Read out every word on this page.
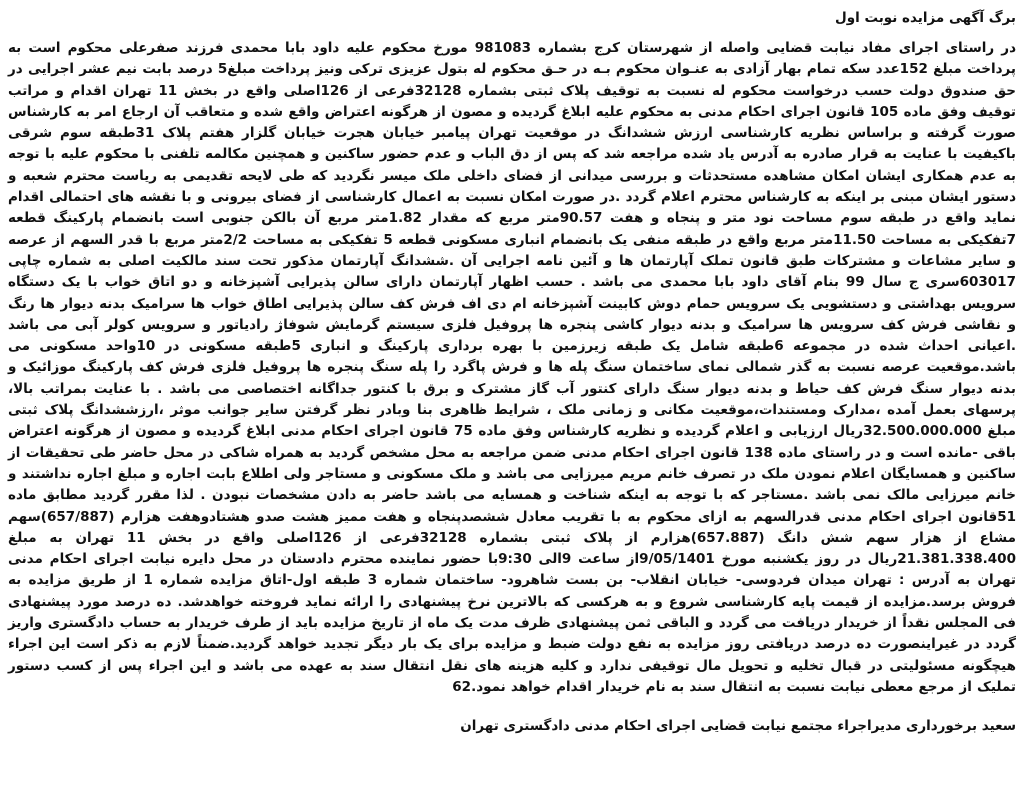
برگ آگهی مزایده نوبت اول

در راستای اجرای مفاد نیابت قضایی واصله از شهرستان کرج بشماره 981083 مورخ محکوم علیه داود بابا محمدی فرزند صفرعلی محکوم است به پرداخت مبلغ 152عدد سکه تمام بهار آزادی به عنـوان محکوم بـه در حـق محکوم له بتول عزیزی ترکی ونیز پرداخت مبلغ5 درصد بابت نیم عشر اجرایی در حق صندوق دولت حسب درخواست محکوم له نسبت به توقیف پلاک ثبتی بشماره 32128فرعی از 126اصلی واقع در بخش 11 تهران اقدام و مراتب توقیف وفق ماده 105 قانون اجرای احکام مدنی به محکوم علیه ابلاغ گردیده و مصون از هرگونه اعتراض واقع شده و متعاقب آن ارجاع امر به کارشناس صورت گرفته و براساس نظریه کارشناسی ارزش ششدانگ در موقعیت تهران پیامبر خیابان هجرت خیابان گلزار هفتم پلاک 31طبقه سوم شرقی باکیفیت با عنایت به قرار صادره به آدرس یاد شده مراجعه شد که پس از دق الباب و عدم حضور ساکنین و همچنین مکالمه تلفنی با محکوم علیه با توجه به عدم همکاری ایشان امکان مشاهده مستحدثات و بررسی میدانی از فضای داخلی ملک میسر نگردید که طی لایحه تقدیمی به ریاست محترم شعبه و دستور ایشان مبنی بر اینکه به کارشناس محترم اعلام گردد .در صورت امکان نسبت به اعمال کارشناسی از فضای بیرونی و با نقشه های احتمالی اقدام نماید واقع در طبقه سوم مساحت نود متر و پنجاه و هفت 90.57متر مربع که مقدار 1.82متر مربع آن بالکن جنوبی است بانضمام پارکینگ قطعه 7تفکیکی به مساحت 11.50متر مربع واقع در طبقه منفی یک بانضمام انباری مسکونی قطعه 5 تفکیکی به مساحت 2/2متر مربع با قدر السهم از عرصه و سایر مشاعات و مشترکات طبق قانون تملک آپارتمان ها و آئین نامه اجرایی آن .ششدانگ آپارتمان مذکور تحت سند مالکیت اصلی به شماره چاپی 603017سری ج سال 99 بنام آقای داود بابا محمدی می باشد . حسب اظهار آپارتمان دارای سالن پذیرایی آشپزخانه و دو اتاق خواب با یک دستگاه سرویس بهداشتی و دستشویی یک سرویس حمام دوش کابینت آشپزخانه ام دی اف فرش کف سالن پذیرایی اطاق خواب ها سرامیک بدنه دیوار ها رنگ و نقاشی فرش کف سرویس ها سرامیک و بدنه دیوار کاشی پنجره ها پروفیل فلزی سیستم گرمایش شوفاژ رادیاتور و سرویس کولر آبی می باشد .اعیانی احداث شده در مجموعه 6طبقه شامل یک طبقه زیرزمین با بهره برداری پارکینگ و انباری 5طبقه مسکونی در 10واحد مسکونی می باشد.موقعیت عرصه نسبت به گذر شمالی نمای ساختمان سنگ پله ها و فرش پاگرد را پله سنگ پنجره ها پروفیل فلزی فرش کف پارکینگ موزائیک و بدنه دیوار سنگ فرش کف حیاط و بدنه دیوار سنگ دارای کنتور آب گاز مشترک و برق با کنتور جداگانه اختصاصی می باشد . با عنایت بمراتب بالا، پرسهای بعمل آمده ،مدارک ومستندات،موقعیت مکانی و زمانی ملک ، شرایط ظاهری بنا وبادر نظر گرفتن سایر جوانب موثر ،ارزششدانگ پلاک ثبتی مبلغ 32.500.000.000ریال ارزیابی و اعلام گردیده و نظریه کارشناس وفق ماده 75 قانون اجرای احکام مدنی ابلاغ گردیده و مصون از هرگونه اعتراض باقی -مانده است و در راستای ماده 138 قانون اجرای احکام مدنی ضمن مراجعه به محل مشخص گردید به همراه شاکی در محل حاضر طی تحقیقات از ساکنین و همسایگان اعلام نمودن ملک در تصرف خانم مریم میرزایی می باشد و ملک مسکونی و مستاجر ولی اطلاع بابت اجاره و مبلغ اجاره نداشتند و خانم میرزایی مالک نمی باشد .مستاجر که با توجه به اینکه شناخت و همسایه می باشد حاضر به دادن مشخصات نبودن . لذا مقرر گردید مطابق ماده 51قانون اجرای احکام مدنی قدرالسهم به ازای محکوم به با تقریب معادل ششصدپنجاه و هفت ممیز هشت صدو هشتادوهفت هزارم (657/887)سهم مشاع از هزار سهم شش دانگ (657.887)هزارم از پلاک ثبتی بشماره 32128فرعی از 126اصلی واقع در بخش 11 تهران به مبلغ 21.381.338.400ریال در روز یکشنبه مورخ 9/05/1401از ساعت 9الی 9:30با حضور نماینده محترم دادستان در محل دایره نیابت اجرای احکام مدنی تهران به آدرس : تهران میدان فردوسی- خیابان انقلاب- بن بست شاهرود- ساختمان شماره 3 طبقه اول-اتاق مزایده شماره 1 از طریق مزایده به فروش برسد.مزایده از قیمت پایه کارشناسی شروع و به هرکسی که بالاترین نرخ پیشنهادی را ارائه نماید فروخته خواهدشد. ده درصد مورد پیشنهادی فی المجلس نقداً از خریدار دریافت می گردد و الباقی ثمن پیشنهادی ظرف مدت یک ماه از تاریخ مزایده باید از طرف خریدار به حساب دادگستری واریز گردد در غیراینصورت ده درصد دریافتی روز مزایده به نفع دولت ضبط و مزایده برای یک بار دیگر تجدید خواهد گردید.ضمناً لازم به ذکر است این اجراء هیچگونه مسئولیتی در قبال تخلیه و تحویل مال توقیفی ندارد و کلیه هزینه های نقل انتقال سند به عهده می باشد و این اجراء پس از کسب دستور تملیک از مرجع معطی نیابت نسبت به انتقال سند به نام خریدار اقدام خواهد نمود.62

سعید برخورداری مدیراجراء مجتمع نیابت قضایی اجرای احکام مدنی دادگستری تهران
